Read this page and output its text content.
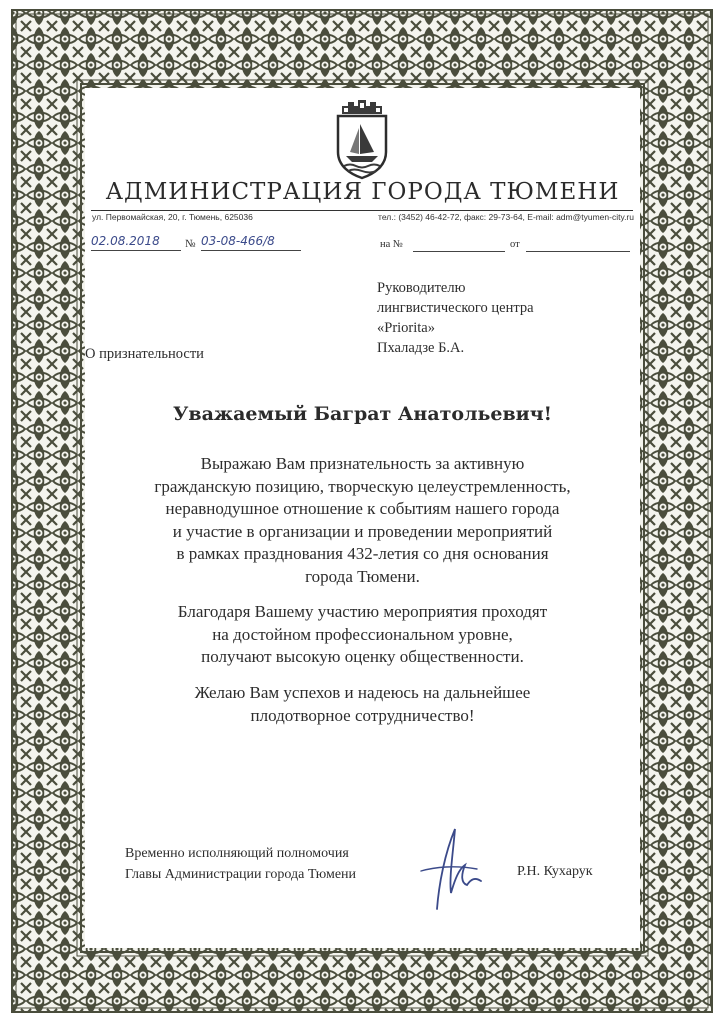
АДМИНИСТРАЦИЯ ГОРОДА ТЮМЕНИ
ул. Первомайская, 20, г. Тюмень, 625036	тел.: (3452) 46-42-72, факс: 29-73-64, E-mail: adm@tyumen-city.ru
02.08.2018	№ 03-08-466/8	на №	от
Руководителю
лингвистического центра
«Priorita»
Пхаладзе Б.А.
О признательности
Уважаемый Баграт Анатольевич!
Выражаю Вам признательность за активную
гражданскую позицию, творческую целеустремленность,
неравнодушное отношение к событиям нашего города
и участие в организации и проведении мероприятий
в рамках празднования 432-летия со дня основания
города Тюмени.
Благодаря Вашему участию мероприятия проходят
на достойном профессиональном уровне,
получают высокую оценку общественности.
Желаю Вам успехов и надеюсь на дальнейшее
плодотворное сотрудничество!
Временно исполняющий полномочия
Главы Администрации города Тюмени	Р.Н. Кухарук
